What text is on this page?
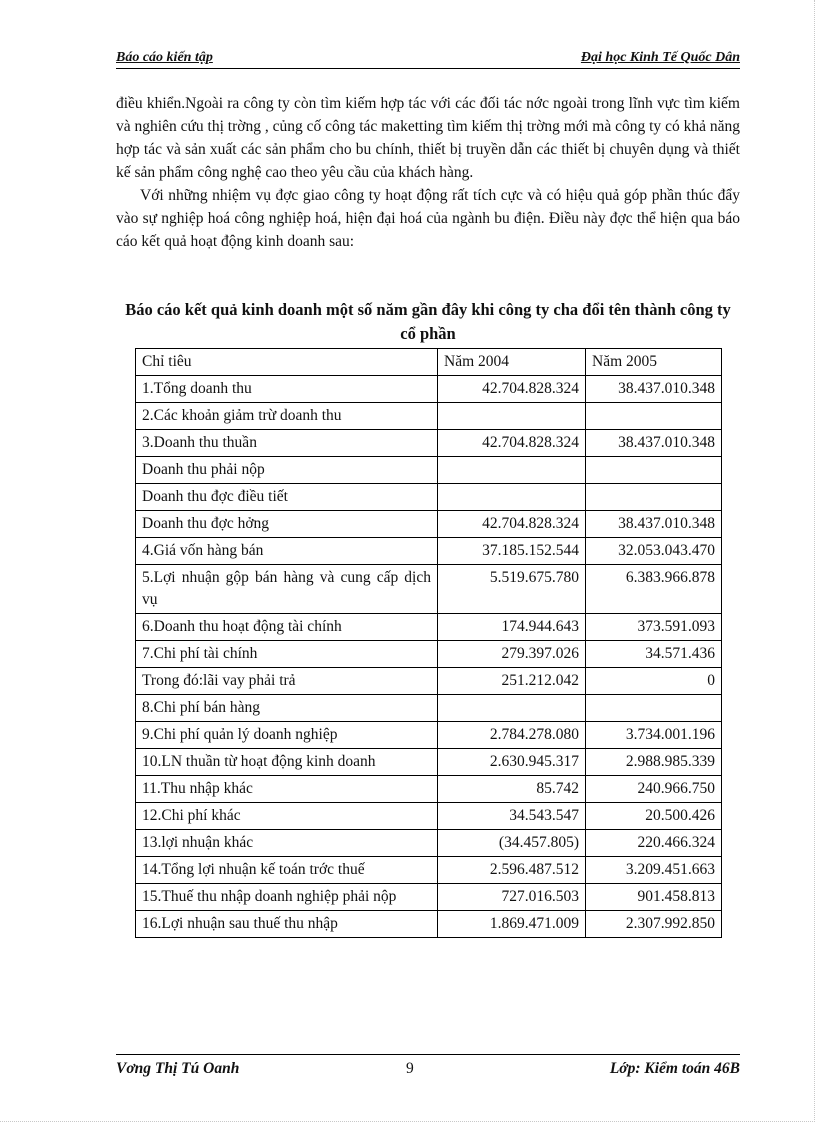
Báo cáo kiến tập	Đại học Kinh Tế Quốc Dân

điều khiển.Ngoài ra công ty còn tìm kiếm hợp tác với các đối tác nớc ngoài trong lĩnh vực tìm kiếm và nghiên cứu thị trờng , củng cố công tác maketting tìm kiếm thị trờng mới mà công ty có khả năng hợp tác và sản xuất các sản phẩm cho bu chính, thiết bị truyền dẫn các thiết bị chuyên dụng và thiết kế sản phẩm công nghệ cao theo yêu cầu của khách hàng.

Với những nhiệm vụ đợc giao công ty hoạt động rất tích cực và có hiệu quả góp phần thúc đẩy vào sự nghiệp hoá công nghiệp hoá, hiện đại hoá của ngành bu điện. Điều này đợc thể hiện qua báo cáo kết quả hoạt động kinh doanh sau:

Báo cáo kết quả kinh doanh một số năm gần đây khi công ty cha đổi tên thành công ty cổ phần
Chỉ tiêu	Năm 2004	Năm 2005
1.Tổng doanh thu	42.704.828.324	38.437.010.348
2.Các khoản giảm trừ doanh thu		
3.Doanh thu thuần	42.704.828.324	38.437.010.348
Doanh thu phải nộp		
Doanh thu đợc điều tiết		
Doanh thu đợc hởng	42.704.828.324	38.437.010.348
4.Giá vốn hàng bán	37.185.152.544	32.053.043.470
5.Lợi nhuận gộp bán hàng và cung cấp dịch vụ	5.519.675.780	6.383.966.878
6.Doanh thu hoạt động tài chính	174.944.643	373.591.093
7.Chi phí tài chính	279.397.026	34.571.436
Trong đó:lãi vay phải trả	251.212.042	0
8.Chi phí bán hàng		
9.Chi phí quản lý doanh nghiệp	2.784.278.080	3.734.001.196
10.LN thuần từ hoạt động kinh doanh	2.630.945.317	2.988.985.339
11.Thu nhập khác	85.742	240.966.750
12.Chi phí khác	34.543.547	20.500.426
13.lợi nhuận khác	(34.457.805)	220.466.324
14.Tổng lợi nhuận kế toán trớc thuế	2.596.487.512	3.209.451.663
15.Thuế thu nhập doanh nghiệp phải nộp	727.016.503	901.458.813
16.Lợi nhuận sau thuế thu nhập	1.869.471.009	2.307.992.850
Vơng Thị Tú Oanh	9	Lớp: Kiểm toán 46B
